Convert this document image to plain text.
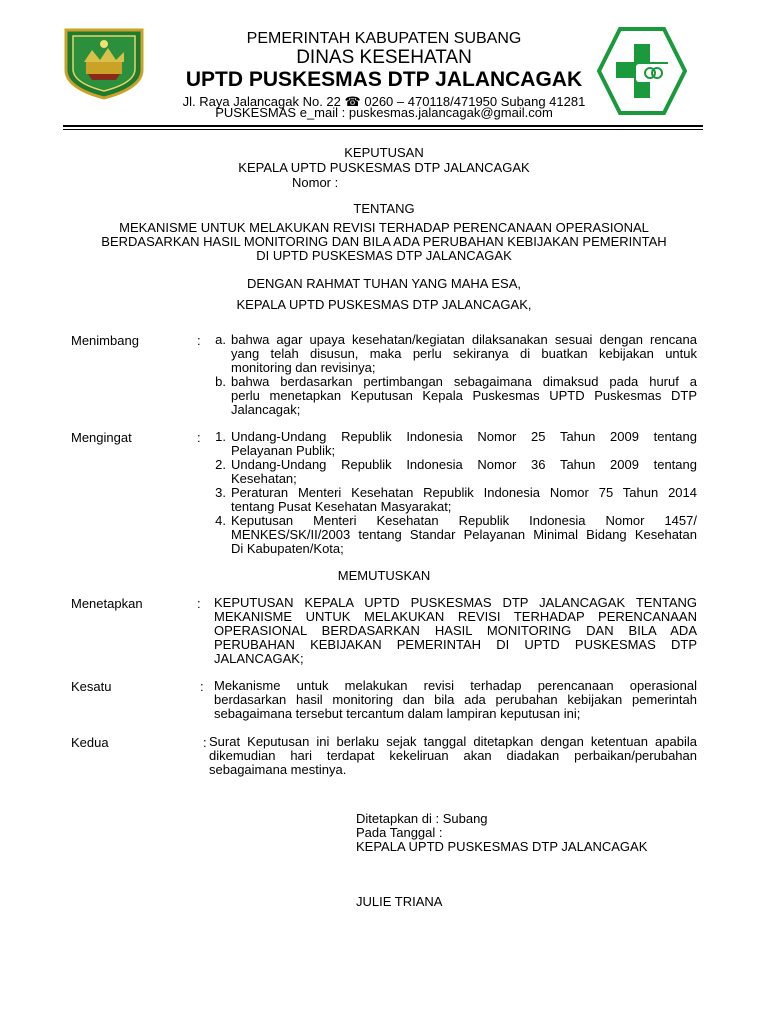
PEMERINTAH KABUPATEN SUBANG
DINAS KESEHATAN
UPTD PUSKESMAS DTP JALANCAGAK
Jl. Raya Jalancagak No. 22 ☎ 0260 – 470118/471950 Subang 41281
PUSKESMAS e_mail : puskesmas.jalancagak@gmail.com
KEPUTUSAN
KEPALA UPTD PUSKESMAS DTP JALANCAGAK
Nomor :
TENTANG
MEKANISME UNTUK MELAKUKAN REVISI TERHADAP PERENCANAAN OPERASIONAL
BERDASARKAN HASIL MONITORING DAN BILA ADA PERUBAHAN KEBIJAKAN PEMERINTAH
DI UPTD PUSKESMAS DTP JALANCAGAK
DENGAN RAHMAT TUHAN YANG MAHA ESA,
KEPALA UPTD PUSKESMAS DTP JALANCAGAK,
Menimbang	:	a. bahwa agar upaya kesehatan/kegiatan dilaksanakan sesuai dengan rencana
yang telah disusun, maka perlu sekiranya di buatkan kebijakan untuk
monitoring dan revisinya;
b. bahwa berdasarkan pertimbangan sebagaimana dimaksud pada huruf a
perlu menetapkan Keputusan Kepala Puskesmas UPTD Puskesmas DTP
Jalancagak;
Mengingat	:	1. Undang-Undang Republik Indonesia Nomor 25 Tahun 2009 tentang
Pelayanan Publik;
2. Undang-Undang Republik Indonesia Nomor 36 Tahun 2009 tentang
Kesehatan;
3. Peraturan Menteri Kesehatan Republik Indonesia Nomor 75 Tahun 2014
tentang Pusat Kesehatan Masyarakat;
4. Keputusan Menteri Kesehatan Republik Indonesia Nomor 1457/
MENKES/SK/II/2003 tentang Standar Pelayanan Minimal Bidang Kesehatan
Di Kabupaten/Kota;
MEMUTUSKAN
Menetapkan	: KEPUTUSAN KEPALA UPTD PUSKESMAS DTP JALANCAGAK TENTANG
MEKANISME UNTUK MELAKUKAN REVISI TERHADAP PERENCANAAN
OPERASIONAL BERDASARKAN HASIL MONITORING DAN BILA ADA
PERUBAHAN KEBIJAKAN PEMERINTAH DI UPTD PUSKESMAS DTP
JALANCAGAK;
Kesatu	: Mekanisme untuk melakukan revisi terhadap perencanaan operasional
berdasarkan hasil monitoring dan bila ada perubahan kebijakan pemerintah
sebagaimana tersebut tercantum dalam lampiran keputusan ini;
Kedua	: Surat Keputusan ini berlaku sejak tanggal ditetapkan dengan ketentuan apabila
dikemudian hari terdapat kekeliruan akan diadakan perbaikan/perubahan
sebagaimana mestinya.
Ditetapkan di : Subang
Pada Tanggal :
KEPALA UPTD PUSKESMAS DTP JALANCAGAK
JULIE TRIANA
